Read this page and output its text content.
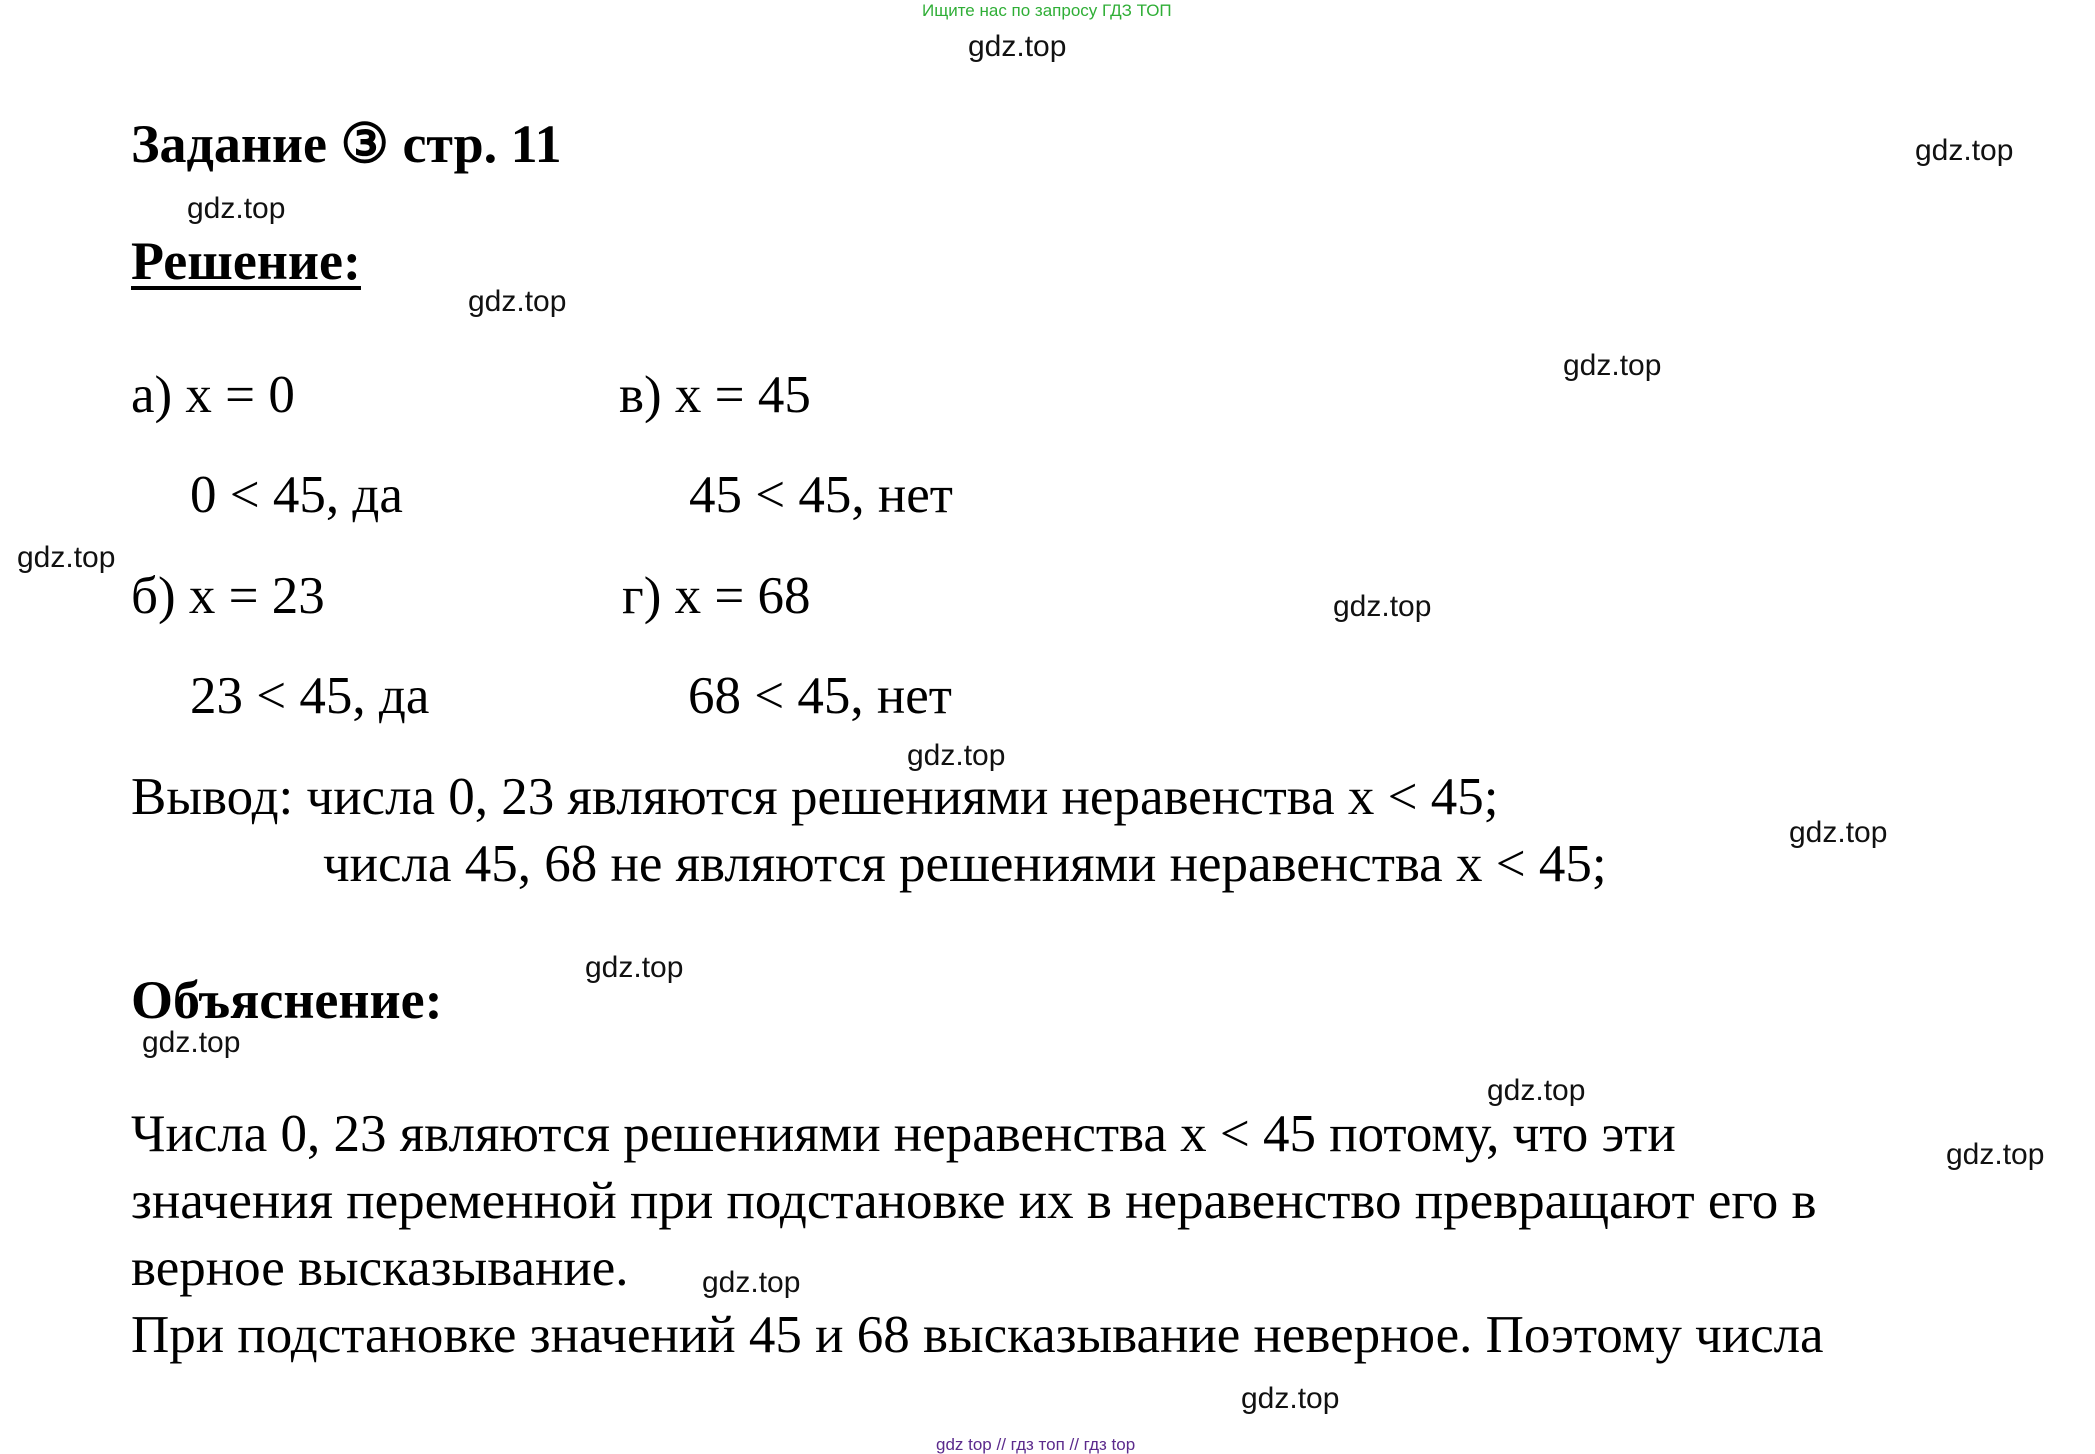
Ищите нас по запросу ГДЗ ТОП
gdz.top
Задание ③ стр. 11
Решение:
а) x = 0
0 < 45, да
б) x = 23
23 < 45, да
в) x = 45
45 < 45, нет
г) x = 68
68 < 45, нет
Вывод: числа 0, 23 являются решениями неравенства x < 45;
числа 45, 68 не являются решениями неравенства x < 45;
Объяснение:
Числа 0, 23 являются решениями неравенства x < 45 потому, что эти
значения переменной при подстановке их в неравенство превращают его в
верное высказывание.
При подстановке значений 45 и 68 высказывание неверное. Поэтому числа
gdz.top
gdz.top
gdz.top
gdz.top
gdz.top
gdz.top
gdz.top
gdz.top
gdz.top
gdz.top
gdz.top
gdz.top
gdz.top
gdz.top
gdz top // гдз топ // гдз top
